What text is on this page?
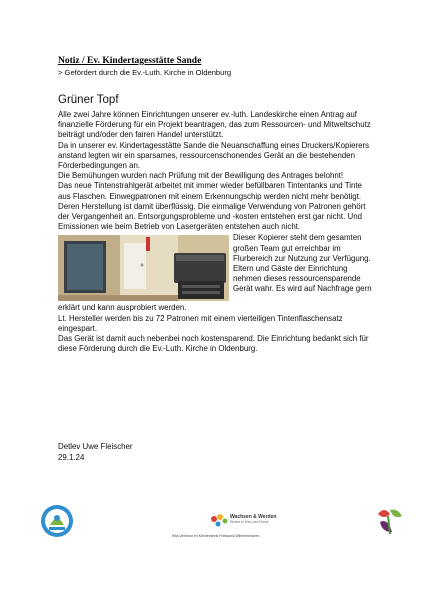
Notiz / Ev. Kindertagesstätte Sande
> Gefördert durch die Ev.-Luth. Kirche in Oldenburg
Grüner Topf

Alle zwei Jahre können Einrichtungen unserer ev.-luth. Landeskirche einen Antrag auf finanzielle Förderung für ein Projekt beantragen, das zum Ressourcen- und Mitweltschutz beiträgt und/oder den fairen Handel unterstützt.

Da in unserer ev. Kindertagesstätte Sande die Neuanschaffung eines Druckers/Kopierers anstand legten wir ein sparsames, ressourcenschonendes Gerät an die bestehenden Förderbedingungen an.

Die Bemühungen wurden nach Prüfung mit der Bewilligung des Antrages belohnt!

Das neue Tintenstrahlgerät arbeitet mit immer wieder befüllbaren Tintentanks und Tinte aus Flaschen. Einwegpatronen mit einem Erkennungschip werden nicht mehr benötigt. Deren Herstellung ist damit überflüssig. Die einmalige Verwendung von Patronen gehört der Vergangenheit an. Entsorgungsprobleme und -kosten entstehen erst gar nicht. Und Emissionen wie beim Betrieb von Lasergeräten entstehen auch nicht.

Dieser Kopierer steht dem gesamten großen Team gut erreichbar im Flurbereich zur Nutzung zur Verfügung. Eltern und Gäste der Einrichtung nehmen dieses ressourcensparende Gerät wahr. Es wird auf Nachfrage gern

erklärt und kann ausprobiert werden.

Lt. Hersteller werden bis zu 72 Patronen mit einem vierteiligen Tintenflaschensatz eingespart.

Das Gerät ist damit auch nebenbei noch kostensparend. Die Einrichtung bedankt sich für diese Förderung durch die Ev.-Luth. Kirche in Oldenburg.

Detlev Uwe Fleischer
29.1.24
Wachsen & Werden
Kinder in Kita und Kirche
Kita-Verbund im Kirchenkreis Friesland-Wilhelmshaven
